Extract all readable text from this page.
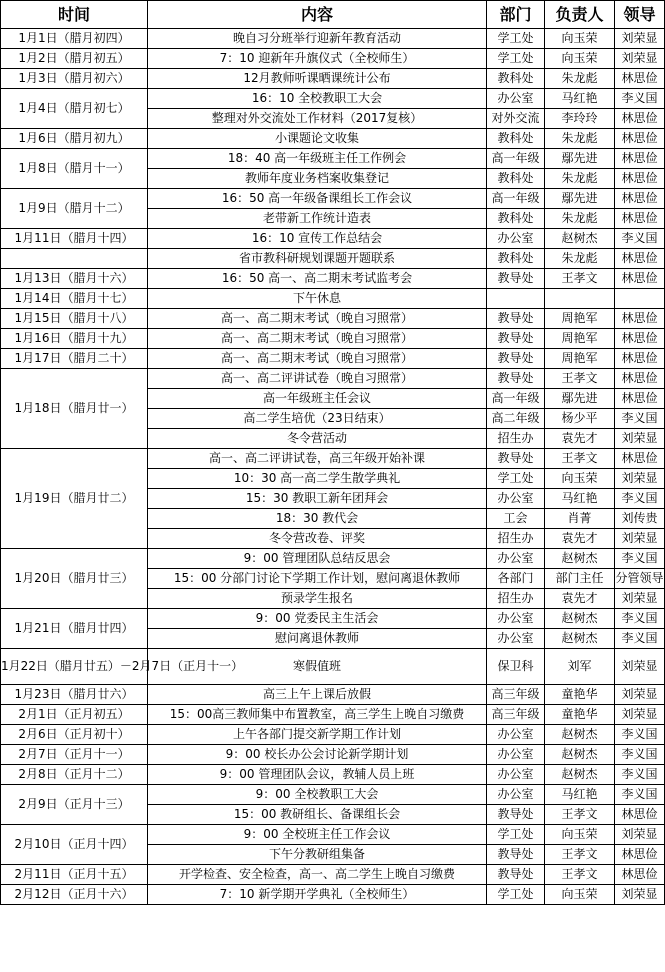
时间	内容	部门	负责人	领导
1月1日（腊月初四）	晚自习分班举行迎新年教育活动	学工处	向玉荣	刘荣显
1月2日（腊月初五）	7：10 迎新年升旗仪式（全校师生）	学工处	向玉荣	刘荣显
1月3日（腊月初六）	12月教师听课晒课统计公布	教科处	朱龙彪	林思俭
1月4日（腊月初七）	16：10 全校教职工大会	办公室	马红艳	李义国
	整理对外交流处工作材料（2017复核）	对外交流	李玲玲	林思俭
1月6日（腊月初九）	小课题论文收集	教科处	朱龙彪	林思俭
1月8日（腊月十一）	18：40 高一年级班主任工作例会	高一年级	鄢先进	林思俭
	教师年度业务档案收集登记	教科处	朱龙彪	林思俭
1月9日（腊月十二）	16：50 高一年级备课组长工作会议	高一年级	鄢先进	林思俭
	老带新工作统计造表	教科处	朱龙彪	林思俭
1月11日（腊月十四）	16：10 宣传工作总结会	办公室	赵树杰	李义国
	省市教科研规划课题开题联系	教科处	朱龙彪	林思俭
1月13日（腊月十六）	16：50 高一、高二期末考试监考会	教导处	王孝文	林思俭
1月14日（腊月十七）	下午休息			
1月15日（腊月十八）	高一、高二期末考试（晚自习照常）	教导处	周艳军	林思俭
1月16日（腊月十九）	高一、高二期末考试（晚自习照常）	教导处	周艳军	林思俭
1月17日（腊月二十）	高一、高二期末考试（晚自习照常）	教导处	周艳军	林思俭
1月18日（腊月廿一）	高一、高二评讲试卷（晚自习照常）	教导处	王孝文	林思俭
	高一年级班主任会议	高一年级	鄢先进	林思俭
	高二学生培优（23日结束）	高二年级	杨少平	李义国
	冬令营活动	招生办	袁先才	刘荣显
1月19日（腊月廿二）	高一、高二评讲试卷，高三年级开始补课	教导处	王孝文	林思俭
	10：30 高一高二学生散学典礼	学工处	向玉荣	刘荣显
	15：30 教职工新年团拜会	办公室	马红艳	李义国
	18：30 教代会	工会	肖菁	刘传贵
	冬令营改卷、评奖	招生办	袁先才	刘荣显
1月20日（腊月廿三）	9：00 管理团队总结反思会	办公室	赵树杰	李义国
	15：00 分部门讨论下学期工作计划，慰问离退休教师	各部门	部门主任	分管领导
	预录学生报名	招生办	袁先才	刘荣显
1月21日（腊月廿四）	9：00 党委民主生活会	办公室	赵树杰	李义国
	慰问离退休教师	办公室	赵树杰	李义国
1月22日（腊月廿五）－2月7日（正月十一）	寒假值班	保卫科	刘军	刘荣显
1月23日（腊月廿六）	高三上午上课后放假	高三年级	童艳华	刘荣显
2月1日（正月初五）	15：00高三教师集中布置教室，高三学生上晚自习缴费	高三年级	童艳华	刘荣显
2月6日（正月初十）	上午各部门提交新学期工作计划	办公室	赵树杰	李义国
2月7日（正月十一）	9：00 校长办公会讨论新学期计划	办公室	赵树杰	李义国
2月8日（正月十二）	9：00 管理团队会议，教辅人员上班	办公室	赵树杰	李义国
2月9日（正月十三）	9：00 全校教职工大会	办公室	马红艳	李义国
	15：00 教研组长、备课组长会	教导处	王孝文	林思俭
2月10日（正月十四）	9：00 全校班主任工作会议	学工处	向玉荣	刘荣显
	下午分教研组集备	教导处	王孝文	林思俭
2月11日（正月十五）	开学检查、安全检查，高一、高二学生上晚自习缴费	教导处	王孝文	林思俭
2月12日（正月十六）	7：10 新学期开学典礼（全校师生）	学工处	向玉荣	刘荣显
